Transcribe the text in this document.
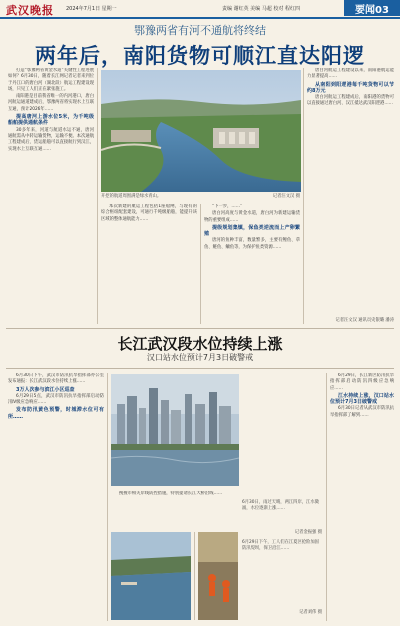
武汉晚报 2024年7月1日 星期一	责编 谢红英 美编 马超 校对 程红四	要闻03
鄂豫两省有河不通航将终结
两年后，南阳货物可顺江直达阳逻

打造“鄂豫两省黄金水道”关键性工程进展如何？6月30日，随着长江网记者记者来到位于丹江口的唐白河（湖北段）航运工程建设现场，只见工人们正在紧张施工。

南阳港是目前我省唯一的内河港口，唐白河航运通道建成后，鄂豫两省将实现水上互联互通，预计2026年……

提高唐河上游水位5米，为千吨级船舶提供通航条件

30多年来，河道与航道水运不通，唐河通航需从中转运输货物，运输不便。本次通航工程建成后，货运船舶可以直接航行到汉江，实现水上互联互通……

开挖的航道周围满是绿水青山。	记者汪文汉 摄

本次新建的航运工程包括1座船闸，与现有的综合枢纽配套建设，可通行千吨级船舶，能提升该区域的整体通航能力……

“下一步，……”

唐白河高度与黄金水道，唐白河为新建运输货物的重要组成……

提级规划集镇，保鱼类逆流而上产卵繁殖

唐河的鱼种丰富，数量繁多，主要有鲤鱼、草鱼、鲢鱼、鳙鱼等，为保护鱼类资源……

唐白河航运工程建设以来，南阳港航运能力显著提高……

从南阳到阳逻港每千吨货物可以节约8万元

唐白河航运工程建成后，南阳港的货物可以直接通过唐白河、汉江抵达武汉阳逻港……

记者汪文汉 通讯员史银璐 潘涛
长江武汉段水位持续上涨
汉口站水位预计7月3日破警戒

6月30日下午，武汉市防汛抗旱指挥部办公室发布通报：长江武汉段水位持续上涨……

3万人次参与滨江小区巡查

6月29日5点，武汉市防汛抗旱指挥部启动防汛Ⅳ级应急响应……

发布防汛黄色预警，时城滞水位可有所……

搜搜市相关岸线防控措施，特别提请长江大桥沿线……

6月30日，雨过天晴，两江四岸，江水微涌，水位逐渐上涨……
记者金振强 摄
6月29日下午，工人们在江夏区抢险加固防汛堤坝，保卫沿江……
记者刘伟 摄

6月29日，长江新区防汛抗旱指挥部启动防汛四级应急响应……

江水持续上涨，汉口站水位预计7月3日破警戒

6月30日记者从武汉市防汛抗旱指挥部了解到……
